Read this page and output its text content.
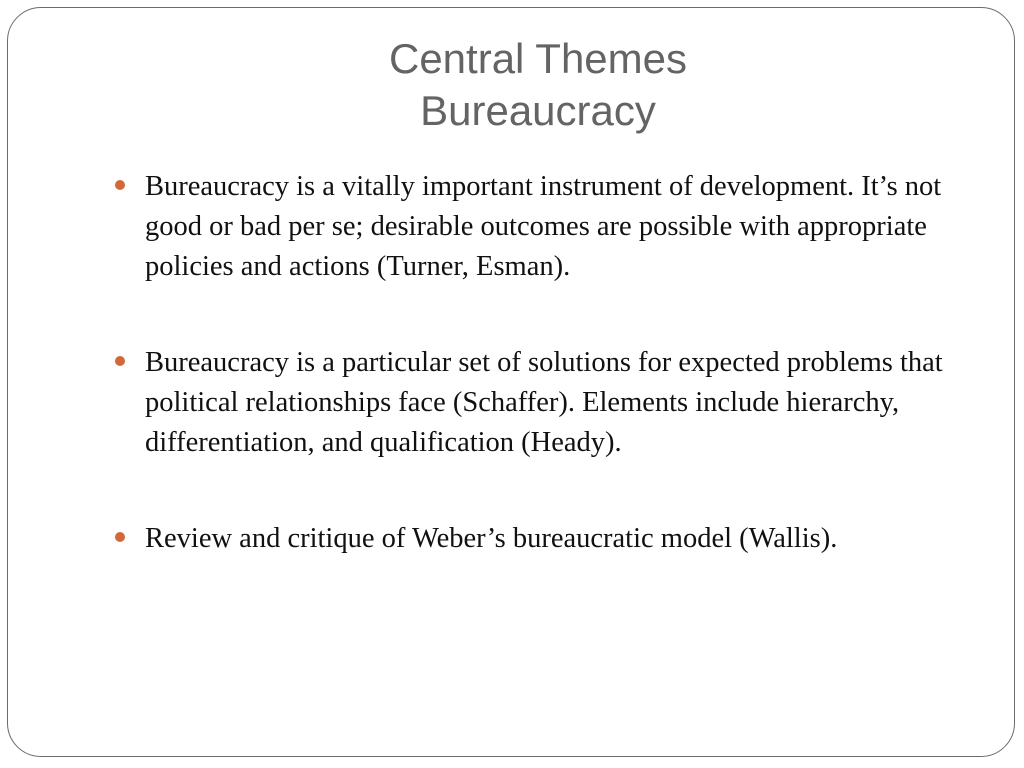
Central Themes
Bureaucracy
Bureaucracy is a vitally important instrument of development. It’s not good or bad per se; desirable outcomes are possible with appropriate policies and actions (Turner, Esman).
Bureaucracy is a particular set of solutions for expected problems that political relationships face (Schaffer). Elements include hierarchy, differentiation, and qualification (Heady).
Review and critique of Weber’s bureaucratic model (Wallis).
